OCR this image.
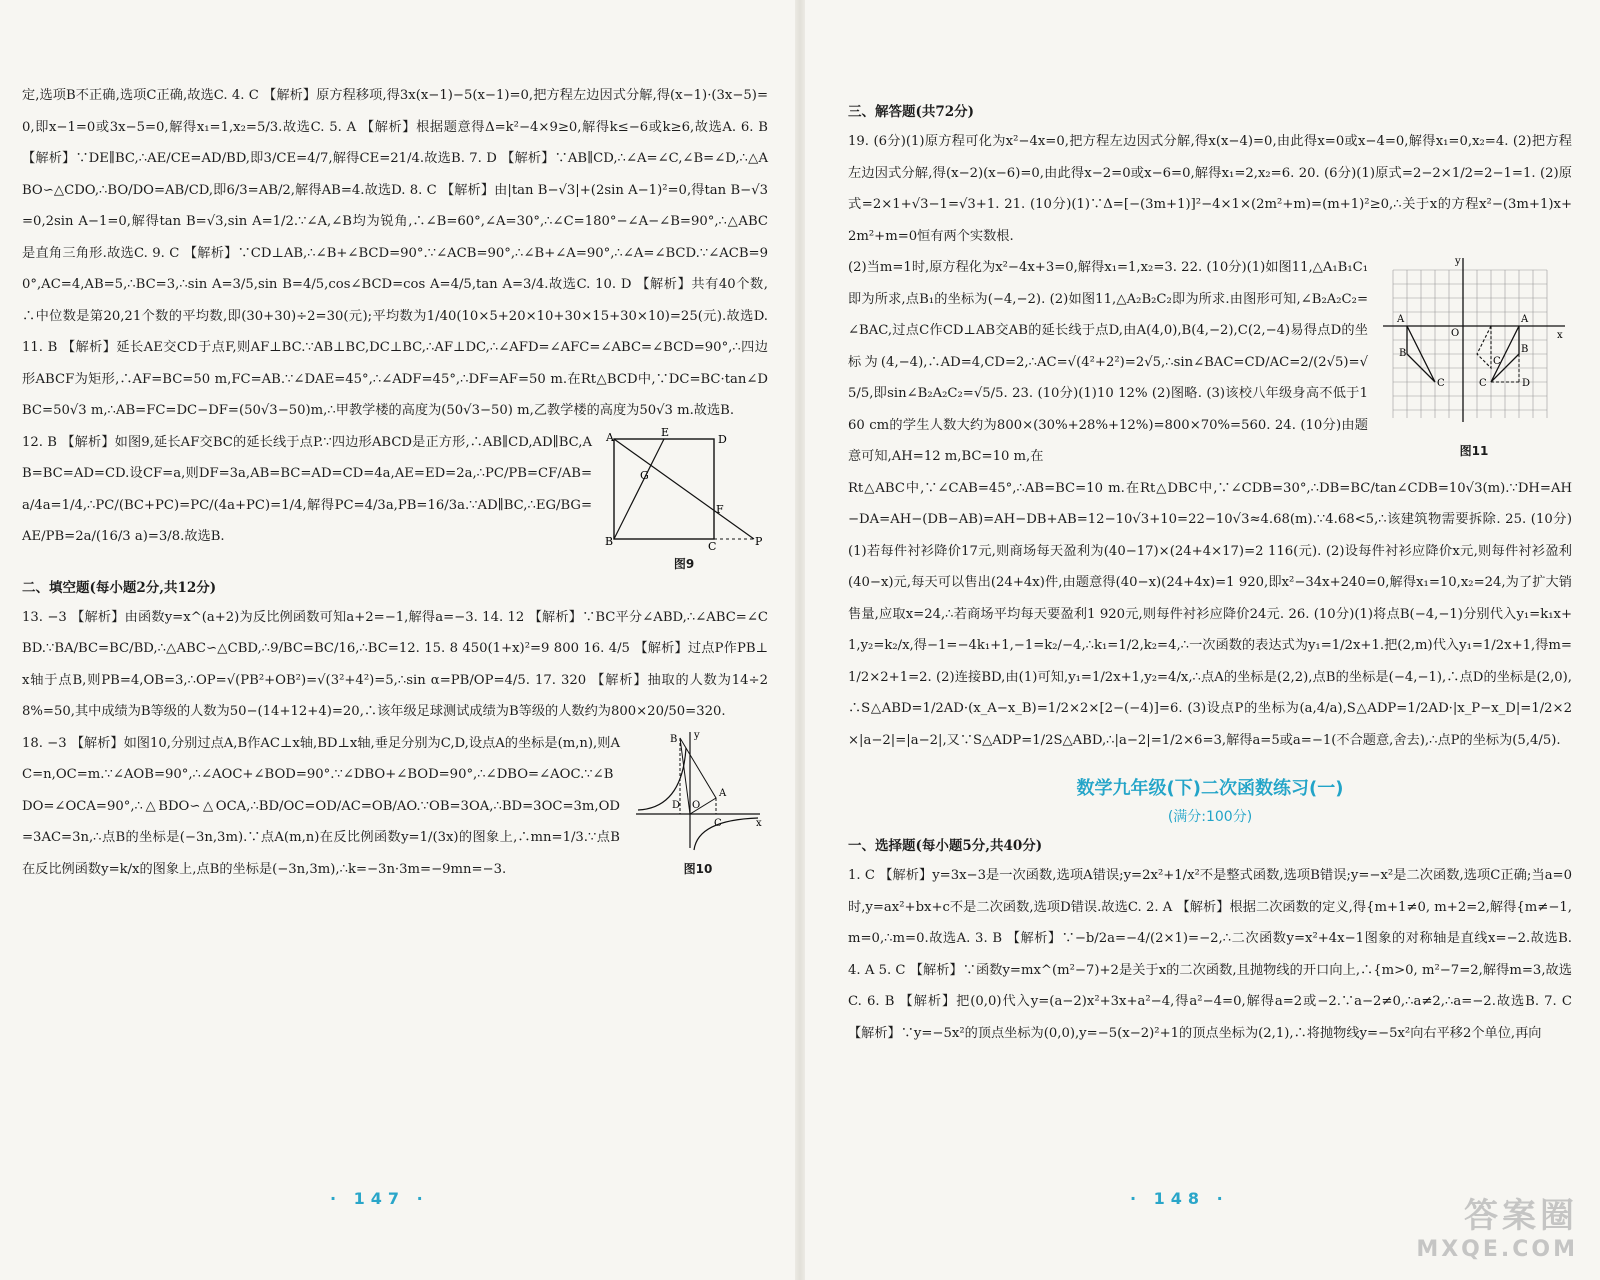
定,选项B不正确,选项C正确,故选C. 4. C 【解析】原方程移项,得3x(x−1)−5(x−1)=0,把方程左边因式分解,得(x−1)·(3x−5)=0,即x−1=0或3x−5=0,解得x₁=1,x₂=5/3.故选C. 5. A 【解析】根据题意得Δ=k²−4×9≥0,解得k≤−6或k≥6,故选A. 6. B 【解析】∵DE∥BC,∴AE/CE=AD/BD,即3/CE=4/7,解得CE=21/4.故选B. 7. D 【解析】∵AB∥CD,∴∠A=∠C,∠B=∠D,∴△ABO∽△CDO,∴BO/DO=AB/CD,即6/3=AB/2,解得AB=4.故选D. 8. C 【解析】由|tan B−√3|+(2sin A−1)²=0,得tan B−√3=0,2sin A−1=0,解得tan B=√3,sin A=1/2.∵∠A,∠B均为锐角,∴∠B=60°,∠A=30°,∴∠C=180°−∠A−∠B=90°,∴△ABC是直角三角形.故选C. 9. C 【解析】∵CD⊥AB,∴∠B+∠BCD=90°.∵∠ACB=90°,∴∠B+∠A=90°,∴∠A=∠BCD.∵∠ACB=90°,AC=4,AB=5,∴BC=3,∴sin A=3/5,sin B=4/5,cos∠BCD=cos A=4/5,tan A=3/4.故选C. 10. D 【解析】共有40个数,∴中位数是第20,21个数的平均数,即(30+30)÷2=30(元);平均数为1/40(10×5+20×10+30×15+30×10)=25(元).故选D. 11. B 【解析】延长AE交CD于点F,则AF⊥BC.∵AB⊥BC,DC⊥BC,∴AF⊥DC,∴∠AFD=∠AFC=∠ABC=∠BCD=90°,∴四边形ABCF为矩形,∴AF=BC=50 m,FC=AB.∵∠DAE=45°,∴∠ADF=45°,∴DF=AF=50 m.在Rt△BCD中,∵DC=BC·tan∠DBC=50√3 m,∴AB=FC=DC−DF=(50√3−50)m,∴甲教学楼的高度为(50√3−50) m,乙教学楼的高度为50√3 m.故选B.

12. B 【解析】如图9,延长AF交BC的延长线于点P.∵四边形ABCD是正方形,∴AB∥CD,AD∥BC,AB=BC=AD=CD.设CF=a,则DF=3a,AB=BC=AD=CD=4a,AE=ED=2a,∴PC/PB=CF/AB=a/4a=1/4,∴PC/(BC+PC)=PC/(4a+PC)=1/4,解得PC=4/3a,PB=16/3a.∵AD∥BC,∴EG/BG=AE/PB=2a/(16/3 a)=3/8.故选B.

A	E
D
G
F
B	C	P
图9
二、填空题(每小题2分,共12分)

13. −3 【解析】由函数y=x^(a+2)为反比例函数可知a+2=−1,解得a=−3. 14. 12 【解析】∵BC平分∠ABD,∴∠ABC=∠CBD.∵BA/BC=BC/BD,∴△ABC∽△CBD,∴9/BC=BC/16,∴BC=12. 15. 8 450(1+x)²=9 800 16. 4/5 【解析】过点P作PB⊥x轴于点B,则PB=4,OB=3,∴OP=√(PB²+OB²)=√(3²+4²)=5,∴sin α=PB/OP=4/5. 17. 320 【解析】抽取的人数为14÷28%=50,其中成绩为B等级的人数为50−(14+12+4)=20,∴该年级足球测试成绩为B等级的人数约为800×20/50=320.

18. −3 【解析】如图10,分别过点A,B作AC⊥x轴,BD⊥x轴,垂足分别为C,D,设点A的坐标是(m,n),则AC=n,OC=m.∵∠AOB=90°,∴∠AOC+∠BOD=90°.∵∠DBO+∠BOD=90°,∴∠DBO=∠AOC.∵∠BDO=∠OCA=90°,∴△BDO∽△OCA,∴BD/OC=OD/AC=OB/AO.∵OB=3OA,∴BD=3OC=3m,OD=3AC=3n,∴点B的坐标是(−3n,3m).∵点A(m,n)在反比例函数y=1/(3x)的图象上,∴mn=1/3.∵点B在反比例函数y=k/x的图象上,点B的坐标是(−3n,3m),∴k=−3n·3m=−9mn=−3.

y
B
A
D O
C	x
图10
· 147 ·
三、解答题(共72分)

19. (6分)(1)原方程可化为x²−4x=0,把方程左边因式分解,得x(x−4)=0,由此得x=0或x−4=0,解得x₁=0,x₂=4. (2)把方程左边因式分解,得(x−2)(x−6)=0,由此得x−2=0或x−6=0,解得x₁=2,x₂=6. 20. (6分)(1)原式=2−2×1/2=2−1=1. (2)原式=2×1+√3−1=√3+1. 21. (10分)(1)∵Δ=[−(3m+1)]²−4×1×(2m²+m)=(m+1)²≥0,∴关于x的方程x²−(3m+1)x+2m²+m=0恒有两个实数根.

(2)当m=1时,原方程化为x²−4x+3=0,解得x₁=1,x₂=3. 22. (10分)(1)如图11,△A₁B₁C₁即为所求,点B₁的坐标为(−4,−2). (2)如图11,△A₂B₂C₂即为所求.由图形可知,∠B₂A₂C₂=∠BAC,过点C作CD⊥AB交AB的延长线于点D,由A(4,0),B(4,−2),C(2,−4)易得点D的坐标为(4,−4),∴AD=4,CD=2,∴AC=√(4²+2²)=2√5,∴sin∠BAC=CD/AC=2/(2√5)=√5/5,即sin∠B₂A₂C₂=√5/5. 23. (10分)(1)10 12% (2)图略. (3)该校八年级身高不低于160 cm的学生人数大约为800×(30%+28%+12%)=800×70%=560. 24. (10分)由题意可知,AH=12 m,BC=10 m,在

y
A	A
O
B
C	C
B
C
D
x
图11

Rt△ABC中,∵∠CAB=45°,∴AB=BC=10 m.在Rt△DBC中,∵∠CDB=30°,∴DB=BC/tan∠CDB=10√3(m).∵DH=AH−DA=AH−(DB−AB)=AH−DB+AB=12−10√3+10=22−10√3≈4.68(m).∵4.68<5,∴该建筑物需要拆除. 25. (10分)(1)若每件衬衫降价17元,则商场每天盈利为(40−17)×(24+4×17)=2 116(元). (2)设每件衬衫应降价x元,则每件衬衫盈利(40−x)元,每天可以售出(24+4x)件,由题意得(40−x)(24+4x)=1 920,即x²−34x+240=0,解得x₁=10,x₂=24,为了扩大销售量,应取x=24,∴若商场平均每天要盈利1 920元,则每件衬衫应降价24元. 26. (10分)(1)将点B(−4,−1)分别代入y₁=k₁x+1,y₂=k₂/x,得−1=−4k₁+1,−1=k₂/−4,∴k₁=1/2,k₂=4,∴一次函数的表达式为y₁=1/2x+1.把(2,m)代入y₁=1/2x+1,得m=1/2×2+1=2. (2)连接BD,由(1)可知,y₁=1/2x+1,y₂=4/x,∴点A的坐标是(2,2),点B的坐标是(−4,−1),∴点D的坐标是(2,0),∴S△ABD=1/2AD·(x_A−x_B)=1/2×2×[2−(−4)]=6. (3)设点P的坐标为(a,4/a),S△ADP=1/2AD·|x_P−x_D|=1/2×2×|a−2|=|a−2|,又∵S△ADP=1/2S△ABD,∴|a−2|=1/2×6=3,解得a=5或a=−1(不合题意,舍去),∴点P的坐标为(5,4/5).

数学九年级(下)二次函数练习(一)
(满分:100分)
一、选择题(每小题5分,共40分)

1. C 【解析】y=3x−3是一次函数,选项A错误;y=2x²+1/x²不是整式函数,选项B错误;y=−x²是二次函数,选项C正确;当a=0时,y=ax²+bx+c不是二次函数,选项D错误.故选C. 2. A 【解析】根据二次函数的定义,得{m+1≠0, m+2=2,解得{m≠−1, m=0,∴m=0.故选A. 3. B 【解析】∵−b/2a=−4/(2×1)=−2,∴二次函数y=x²+4x−1图象的对称轴是直线x=−2.故选B. 4. A 5. C 【解析】∵函数y=mx^(m²−7)+2是关于x的二次函数,且抛物线的开口向上,∴{m>0, m²−7=2,解得m=3,故选C. 6. B 【解析】把(0,0)代入y=(a−2)x²+3x+a²−4,得a²−4=0,解得a=2或−2.∵a−2≠0,∴a≠2,∴a=−2.故选B. 7. C 【解析】∵y=−5x²的顶点坐标为(0,0),y=−5(x−2)²+1的顶点坐标为(2,1),∴将抛物线y=−5x²向右平移2个单位,再向

· 148 ·	答案圈
MXQE.COM
